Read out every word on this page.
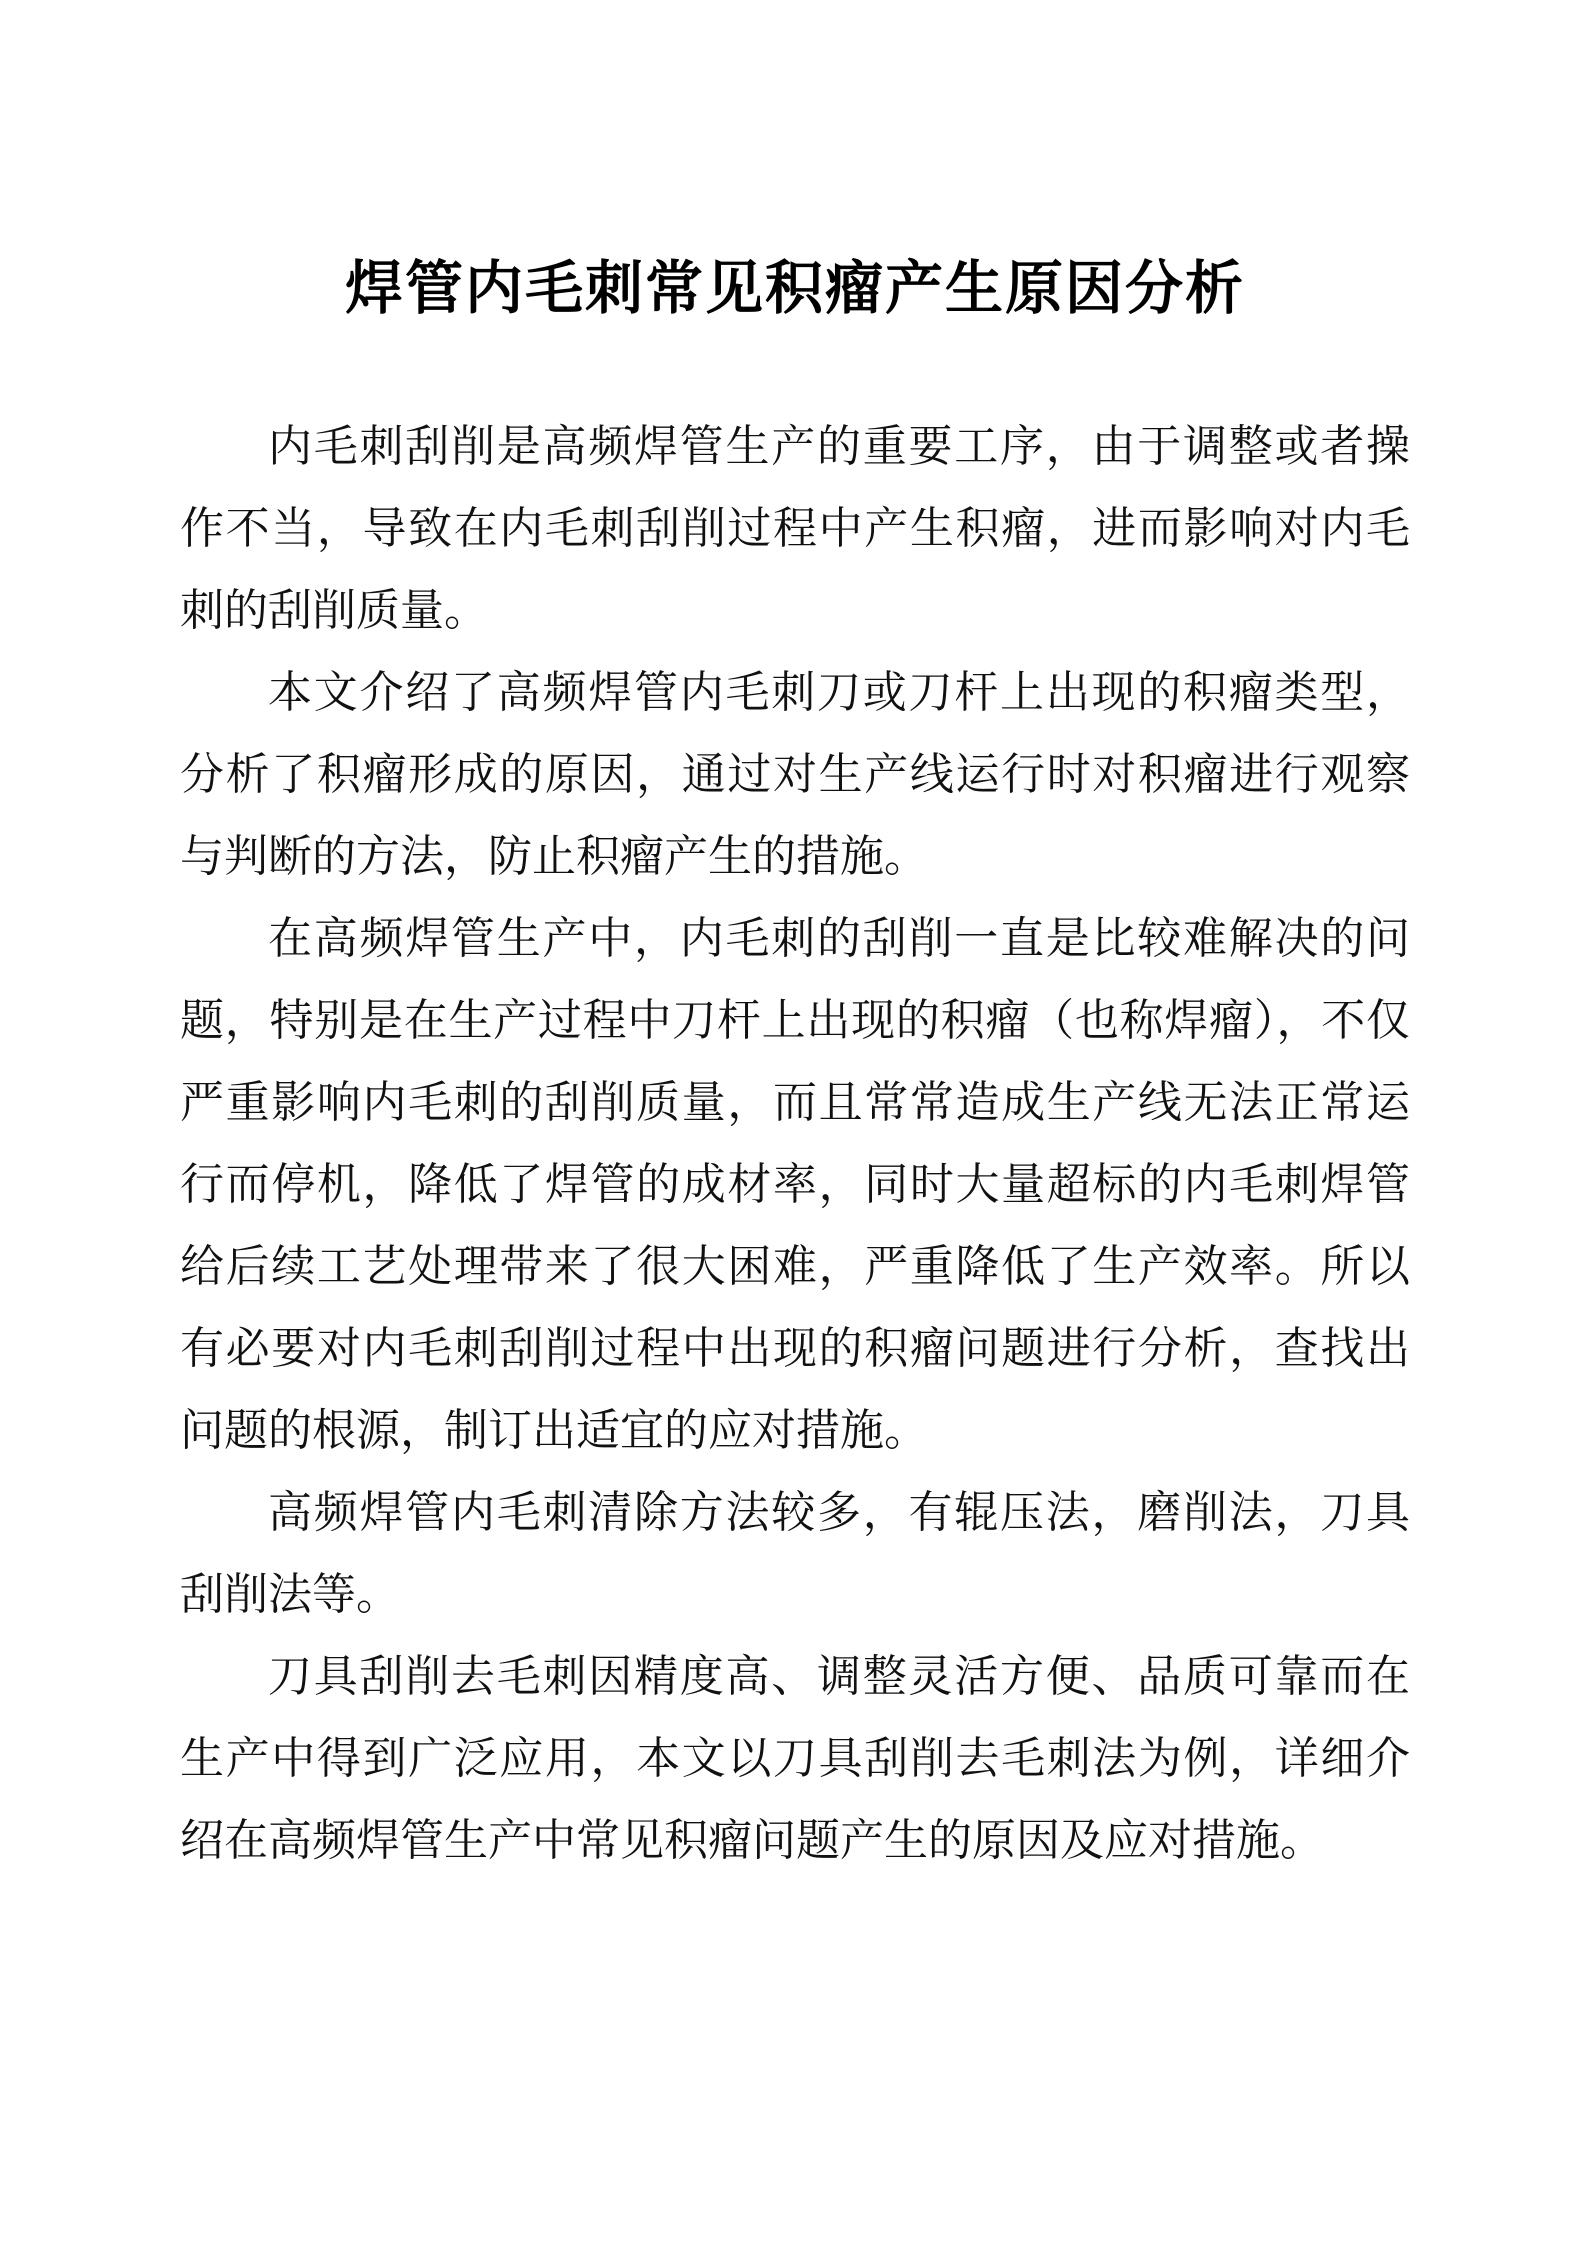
焊管内毛刺常见积瘤产生原因分析

内毛刺刮削是高频焊管生产的重要工序，由于调整或者操作不当，导致在内毛刺刮削过程中产生积瘤，进而影响对内毛刺的刮削质量。

本文介绍了高频焊管内毛刺刀或刀杆上出现的积瘤类型，分析了积瘤形成的原因，通过对生产线运行时对积瘤进行观察与判断的方法，防止积瘤产生的措施。

在高频焊管生产中，内毛刺的刮削一直是比较难解决的问题，特别是在生产过程中刀杆上出现的积瘤（也称焊瘤），不仅严重影响内毛刺的刮削质量，而且常常造成生产线无法正常运行而停机，降低了焊管的成材率，同时大量超标的内毛刺焊管给后续工艺处理带来了很大困难，严重降低了生产效率。所以有必要对内毛刺刮削过程中出现的积瘤问题进行分析，查找出问题的根源，制订出适宜的应对措施。

高频焊管内毛刺清除方法较多，有辊压法，磨削法，刀具刮削法等。

刀具刮削去毛刺因精度高、调整灵活方便、品质可靠而在生产中得到广泛应用，本文以刀具刮削去毛刺法为例，详细介绍在高频焊管生产中常见积瘤问题产生的原因及应对措施。
